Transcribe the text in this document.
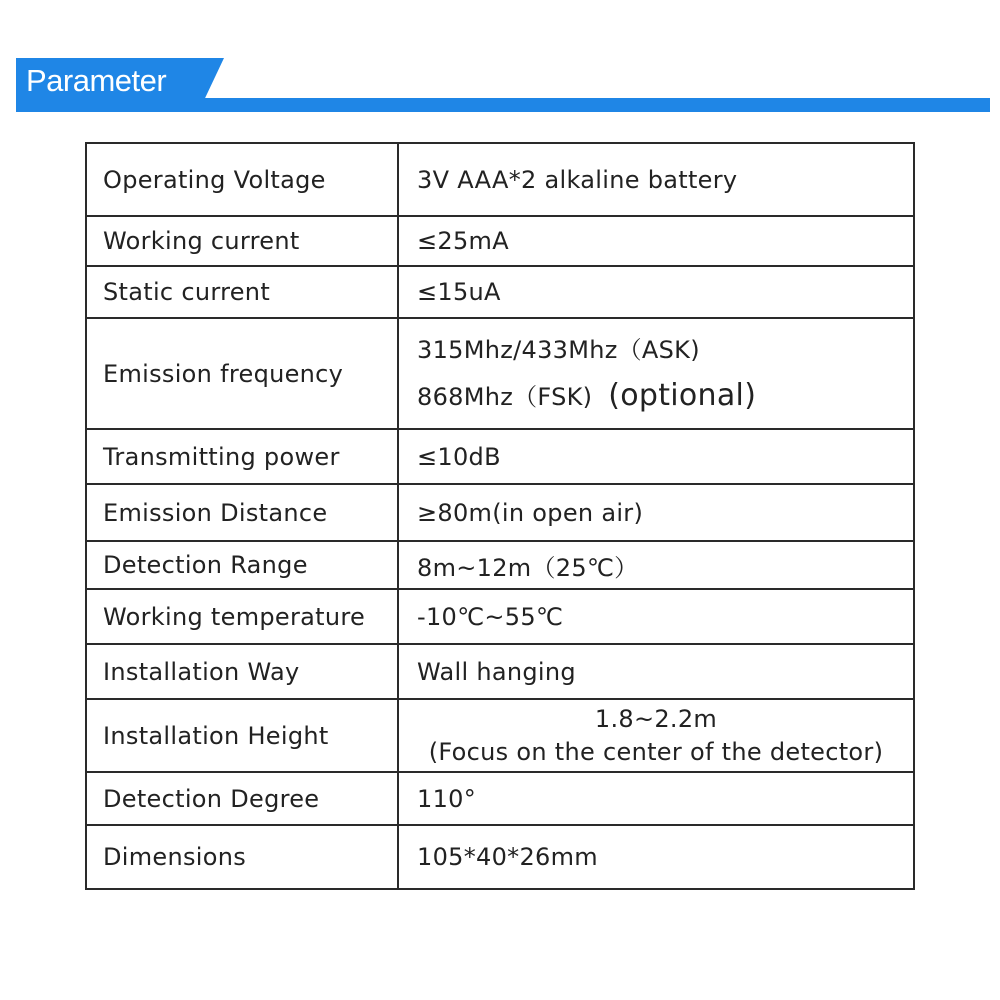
Parameter
Operating Voltage	3V AAA*2 alkaline battery
Working current	≤25mA
Static current	≤15uA
Emission frequency	315Mhz/433Mhz（ASK)
868Mhz（FSK) (optional)

Transmitting power	≤10dB
Emission Distance	≥80m(in open air)
Detection Range	8m~12m（25℃）
Working temperature	-10℃~55℃
Installation Way	Wall hanging
Installation Height	1.8~2.2m
(Focus on the center of the detector)

Detection Degree	110°
Dimensions	105*40*26mm
